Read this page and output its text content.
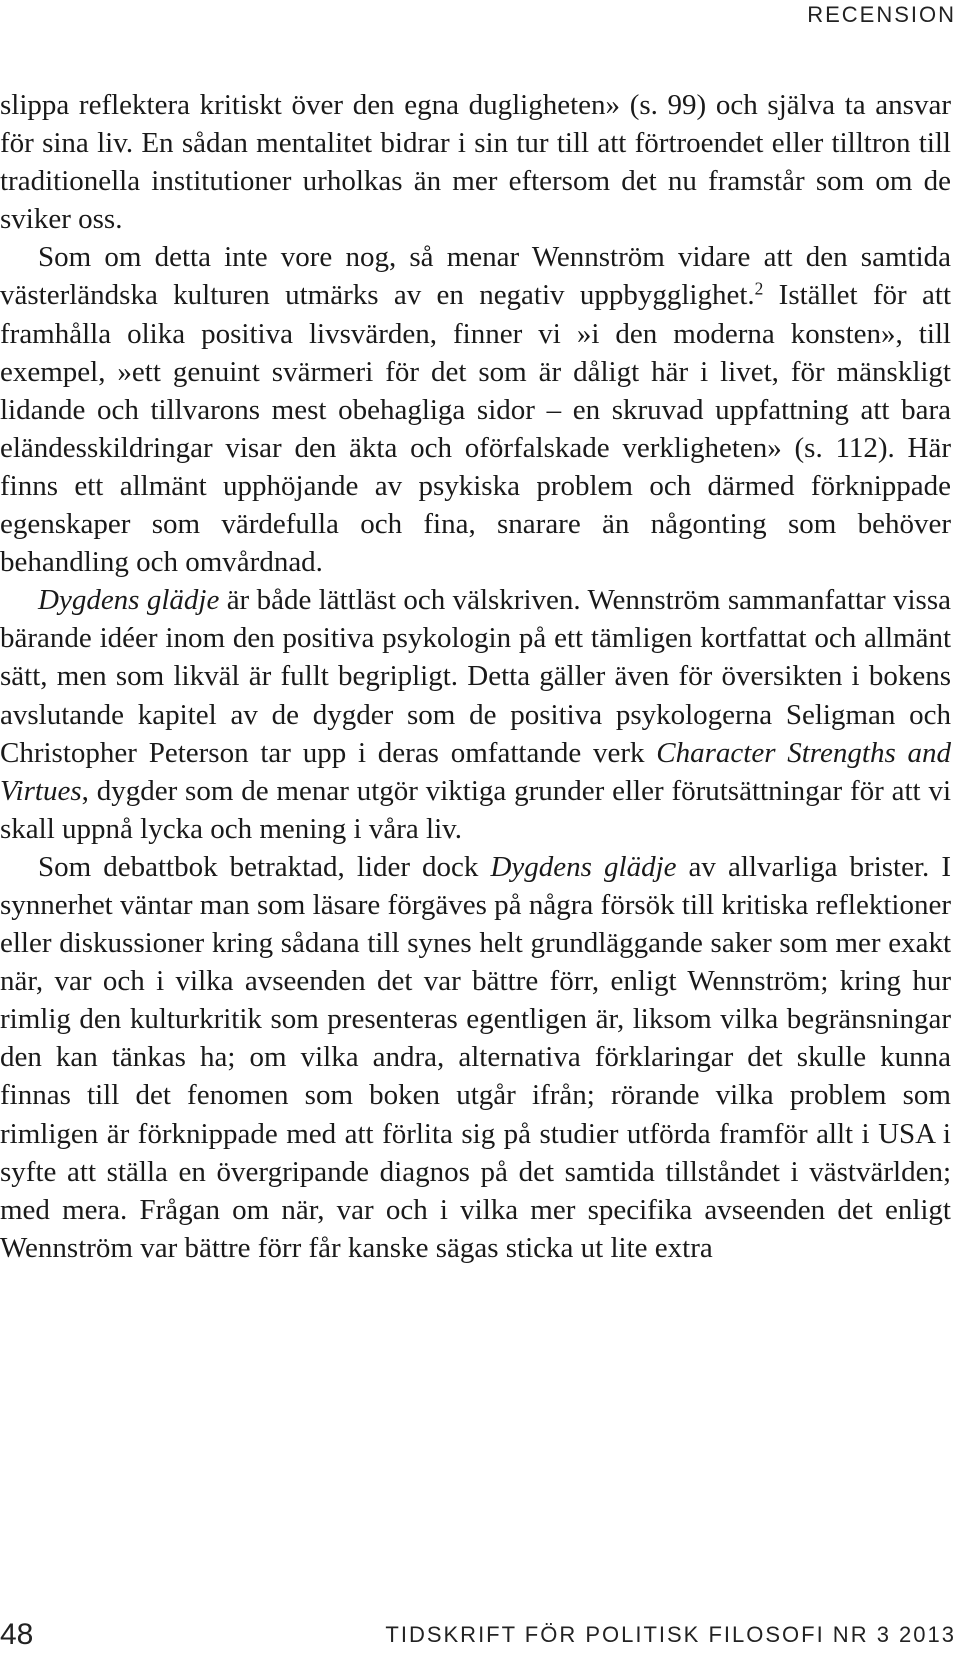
RECENSION

slippa reflektera kritiskt över den egna dugligheten» (s. 99) och själva ta ansvar för sina liv. En sådan mentalitet bidrar i sin tur till att förtroendet eller tilltron till traditionella institutioner urholkas än mer eftersom det nu framstår som om de sviker oss.

Som om detta inte vore nog, så menar Wennström vidare att den samtida västerländska kulturen utmärks av en negativ uppbygglighet.$^2$ Istället för att framhålla olika positiva livsvärden, finner vi »i den moderna konsten», till exempel, »ett genuint svärmeri för det som är dåligt här i livet, för mänskligt lidande och tillvarons mest obehagliga sidor – en skruvad uppfattning att bara eländesskildringar visar den äkta och oförfalskade verkligheten» (s. 112). Här finns ett allmänt upphöjande av psykiska problem och därmed förknippade egenskaper som värdefulla och fina, snarare än någonting som behöver behandling och omvårdnad.

Dygdens glädje är både lättläst och välskriven. Wennström sammanfattar vissa bärande idéer inom den positiva psykologin på ett tämligen kortfattat och allmänt sätt, men som likväl är fullt begripligt. Detta gäller även för översikten i bokens avslutande kapitel av de dygder som de positiva psykologerna Seligman och Christopher Peterson tar upp i deras omfattande verk Character Strengths and Virtues, dygder som de menar utgör viktiga grunder eller förutsättningar för att vi skall uppnå lycka och mening i våra liv.

Som debattbok betraktad, lider dock Dygdens glädje av allvarliga brister. I synnerhet väntar man som läsare förgäves på några försök till kritiska reflektioner eller diskussioner kring sådana till synes helt grundläggande saker som mer exakt när, var och i vilka avseenden det var bättre förr, enligt Wennström; kring hur rimlig den kulturkritik som presenteras egentligen är, liksom vilka begränsningar den kan tänkas ha; om vilka andra, alternativa förklaringar det skulle kunna finnas till det fenomen som boken utgår ifrån; rörande vilka problem som rimligen är förknippade med att förlita sig på studier utförda framför allt i USA i syfte att ställa en övergripande diagnos på det samtida tillståndet i västvärlden; med mera. Frågan om när, var och i vilka mer specifika avseenden det enligt Wennström var bättre förr får kanske sägas sticka ut lite extra

48	TIDSKRIFT FÖR POLITISK FILOSOFI NR 3 2013
